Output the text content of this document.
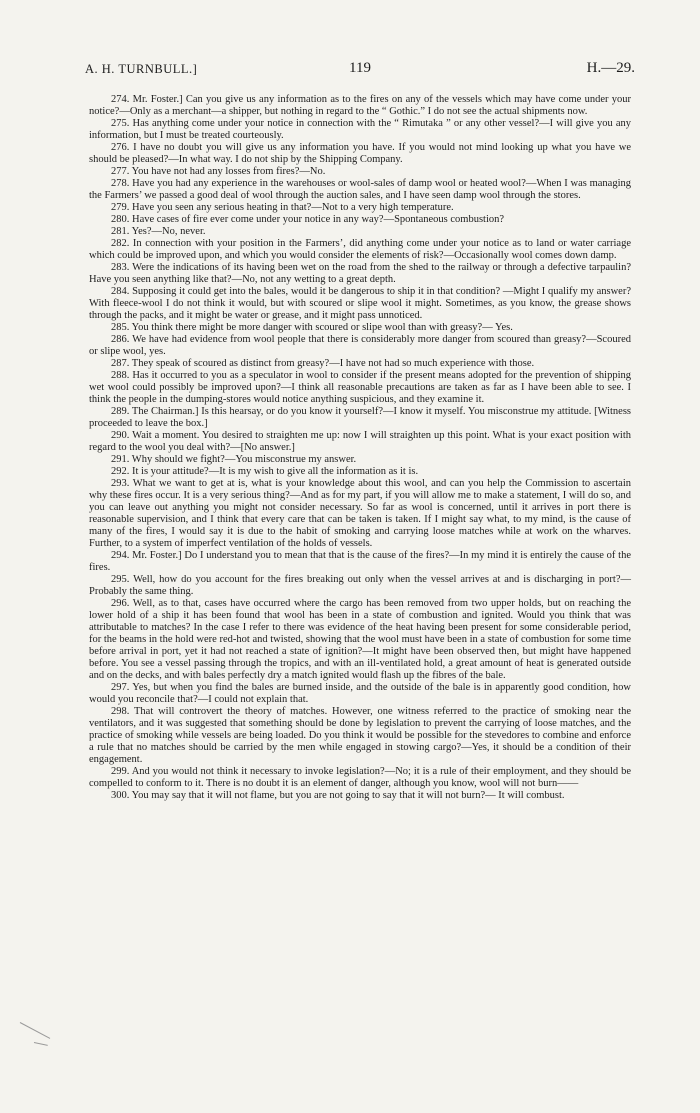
A. H. TURNBULL.]	119	H.—29.

274. Mr. Foster.] Can you give us any information as to the fires on any of the vessels which may have come under your notice?—Only as a merchant—a shipper, but nothing in regard to the “ Gothic.” I do not see the actual shipments now.

275. Has anything come under your notice in connection with the “ Rimutaka ” or any other vessel?—I will give you any information, but I must be treated courteously.

276. I have no doubt you will give us any information you have. If you would not mind looking up what you have we should be pleased?—In what way. I do not ship by the Shipping Company.

277. You have not had any losses from fires?—No.

278. Have you had any experience in the warehouses or wool-sales of damp wool or heated wool?—When I was managing the Farmers’ we passed a good deal of wool through the auction sales, and I have seen damp wool through the stores.

279. Have you seen any serious heating in that?—Not to a very high temperature.

280. Have cases of fire ever come under your notice in any way?—Spontaneous combustion?

281. Yes?—No, never.

282. In connection with your position in the Farmers’, did anything come under your notice as to land or water carriage which could be improved upon, and which you would consider the elements of risk?—Occasionally wool comes down damp.

283. Were the indications of its having been wet on the road from the shed to the railway or through a defective tarpaulin? Have you seen anything like that?—No, not any wetting to a great depth.

284. Supposing it could get into the bales, would it be dangerous to ship it in that condition? —Might I qualify my answer? With fleece-wool I do not think it would, but with scoured or slipe wool it might. Sometimes, as you know, the grease shows through the packs, and it might be water or grease, and it might pass unnoticed.

285. You think there might be more danger with scoured or slipe wool than with greasy?— Yes.

286. We have had evidence from wool people that there is considerably more danger from scoured than greasy?—Scoured or slipe wool, yes.

287. They speak of scoured as distinct from greasy?—I have not had so much experience with those.

288. Has it occurred to you as a speculator in wool to consider if the present means adopted for the prevention of shipping wet wool could possibly be improved upon?—I think all reasonable precautions are taken as far as I have been able to see. I think the people in the dumping-stores would notice anything suspicious, and they examine it.

289. The Chairman.] Is this hearsay, or do you know it yourself?—I know it myself. You misconstrue my attitude. [Witness proceeded to leave the box.]

290. Wait a moment. You desired to straighten me up: now I will straighten up this point. What is your exact position with regard to the wool you deal with?—[No answer.]

291. Why should we fight?—You misconstrue my answer.

292. It is your attitude?—It is my wish to give all the information as it is.

293. What we want to get at is, what is your knowledge about this wool, and can you help the Commission to ascertain why these fires occur. It is a very serious thing?—And as for my part, if you will allow me to make a statement, I will do so, and you can leave out anything you might not consider necessary. So far as wool is concerned, until it arrives in port there is reasonable supervision, and I think that every care that can be taken is taken. If I might say what, to my mind, is the cause of many of the fires, I would say it is due to the habit of smoking and carrying loose matches while at work on the wharves. Further, to a system of imperfect ventilation of the holds of vessels.

294. Mr. Foster.] Do I understand you to mean that that is the cause of the fires?—In my mind it is entirely the cause of the fires.

295. Well, how do you account for the fires breaking out only when the vessel arrives at and is discharging in port?—Probably the same thing.

296. Well, as to that, cases have occurred where the cargo has been removed from two upper holds, but on reaching the lower hold of a ship it has been found that wool has been in a state of combustion and ignited. Would you think that was attributable to matches? In the case I refer to there was evidence of the heat having been present for some considerable period, for the beams in the hold were red-hot and twisted, showing that the wool must have been in a state of combustion for some time before arrival in port, yet it had not reached a state of ignition?—It might have been observed then, but might have happened before. You see a vessel passing through the tropics, and with an ill-ventilated hold, a great amount of heat is generated outside and on the decks, and with bales perfectly dry a match ignited would flash up the fibres of the bale.

297. Yes, but when you find the bales are burned inside, and the outside of the bale is in apparently good condition, how would you reconcile that?—I could not explain that.

298. That will controvert the theory of matches. However, one witness referred to the practice of smoking near the ventilators, and it was suggested that something should be done by legislation to prevent the carrying of loose matches, and the practice of smoking while vessels are being loaded. Do you think it would be possible for the stevedores to combine and enforce a rule that no matches should be carried by the men while engaged in stowing cargo?—Yes, it should be a condition of their engagement.

299. And you would not think it necessary to invoke legislation?—No; it is a rule of their employment, and they should be compelled to conform to it. There is no doubt it is an element of danger, although you know, wool will not burn——

300. You may say that it will not flame, but you are not going to say that it will not burn?— It will combust.
